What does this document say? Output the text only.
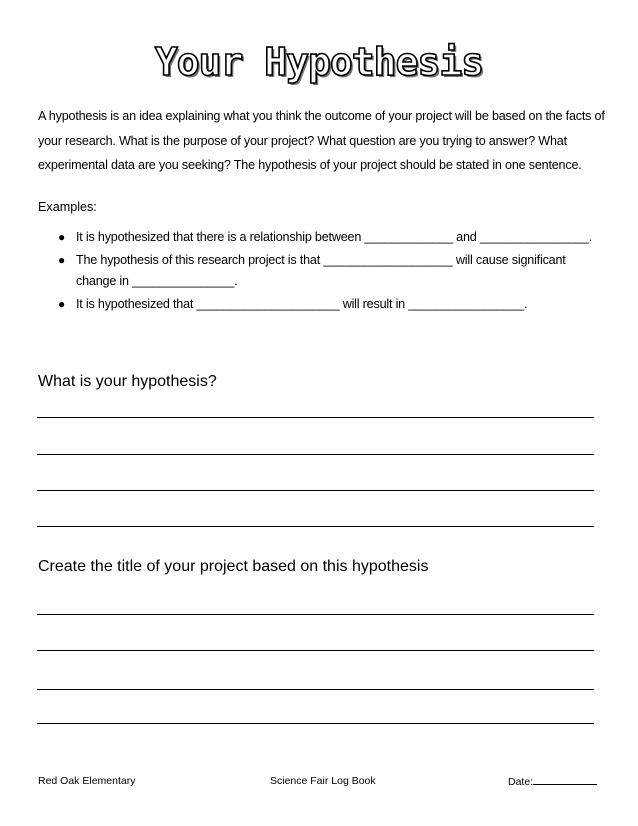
Your Hypothesis

A hypothesis is an idea explaining what you think the outcome of your project will be based on the facts of your research. What is the purpose of your project? What question are you trying to answer? What experimental data are you seeking? The hypothesis of your project should be stated in one sentence.

Examples:

● It is hypothesized that there is a relationship between _____________ and ________________.
● The hypothesis of this research project is that ___________________ will cause significant change in _______________.
● It is hypothesized that _____________________ will result in _________________.
What is your hypothesis?
Create the title of your project based on this hypothesis
Red Oak Elementary	Science Fair Log Book	Date:
